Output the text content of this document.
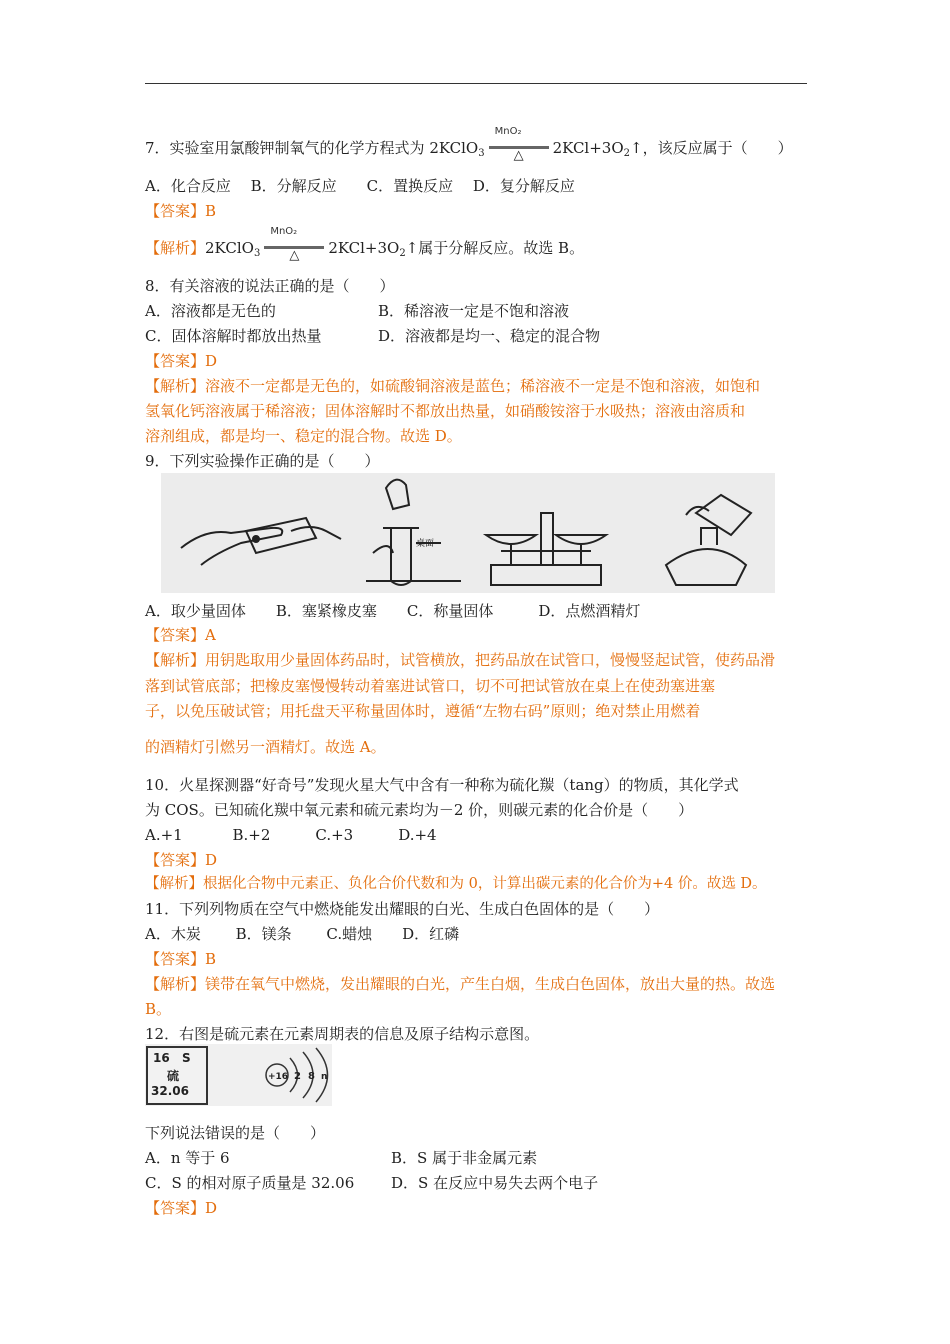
7．实验室用氯酸钾制氧气的化学方程式为 2KClO$_3$
MnO₂
△ $2KCl+3O_2↑$，该反应属于（　　）
A．化合反应　 B．分解反应　　C．置换反应　 D．复分解反应
【答案】B
【解析】2KClO$_3$
MnO₂
△ $2KCl+3O_2↑$属于分解反应。故选 B。
8．有关溶液的说法正确的是（　　）
A．溶液都是无色的	B．稀溶液一定是不饱和溶液
C．固体溶解时都放出热量	D．溶液都是均一、稳定的混合物
【答案】D
【解析】溶液不一定都是无色的，如硫酸铜溶液是蓝色；稀溶液不一定是不饱和溶液，如饱和
氢氧化钙溶液属于稀溶液；固体溶解时不都放出热量，如硝酸铵溶于水吸热；溶液由溶质和
溶剂组成，都是均一、稳定的混合物。故选 D。
9．下列实验操作正确的是（　　）
桌面
A．取少量固体　　B．塞紧橡皮塞　　C．称量固体　　　D．点燃酒精灯
【答案】A
【解析】用钥匙取用少量固体药品时，试管横放，把药品放在试管口，慢慢竖起试管，使药品滑
落到试管底部；把橡皮塞慢慢转动着塞进试管口，切不可把试管放在桌上在使劲塞进塞
子，以免压破试管；用托盘天平称量固体时，遵循“左物右码”原则；绝对禁止用燃着
的酒精灯引燃另一酒精灯。故选 A。
10．火星探测器“好奇号”发现火星大气中含有一种称为硫化羰（tang）的物质，其化学式
为 COS。已知硫化羰中氧元素和硫元素均为－2 价，则碳元素的化合价是（　　）
A.+1　　　 B.+2　　　C.+3　　　D.+4
【答案】D
【解析】根据化合物中元素正、负化合价代数和为 0，计算出碳元素的化合价为+4 价。故选 D。
11．下列列物质在空气中燃烧能发出耀眼的白光、生成白色固体的是（　　）
A．木炭　　 B．镁条　　 C.蜡烛　　D．红磷
【答案】B
【解析】镁带在氧气中燃烧，发出耀眼的白光，产生白烟，生成白色固体，放出大量的热。故选
B。
12．右图是硫元素在元素周期表的信息及原子结构示意图。
16 S
硫
32.06
+16 2 8 n
下列说法错误的是（　　）
A．n 等于 6	B．S 属于非金属元素
C．S 的相对原子质量是 32.06 D．S 在反应中易失去两个电子
【答案】D
